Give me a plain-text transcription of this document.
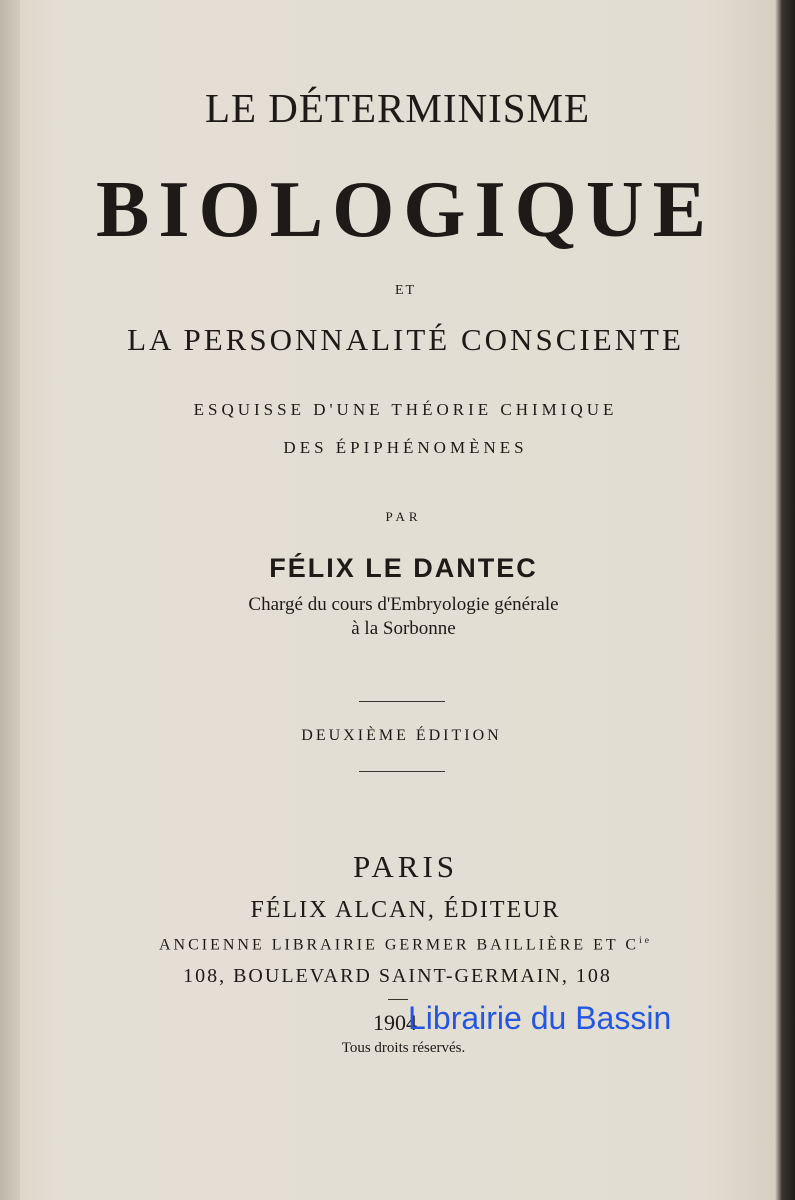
LE DÉTERMINISME
BIOLOGIQUE
ET
LA PERSONNALITÉ CONSCIENTE
ESQUISSE D'UNE THÉORIE CHIMIQUE
DES ÉPIPHÉNOMÈNES
PAR
FÉLIX LE DANTEC
Chargé du cours d'Embryologie générale
à la Sorbonne
DEUXIÈME ÉDITION
PARIS
FÉLIX ALCAN, ÉDITEUR
ANCIENNE LIBRAIRIE GERMER BAILLIÈRE ET $C^{ie}$
108, BOULEVARD SAINT-GERMAIN, 108
1904
Librairie du Bassin
Tous droits réservés.
